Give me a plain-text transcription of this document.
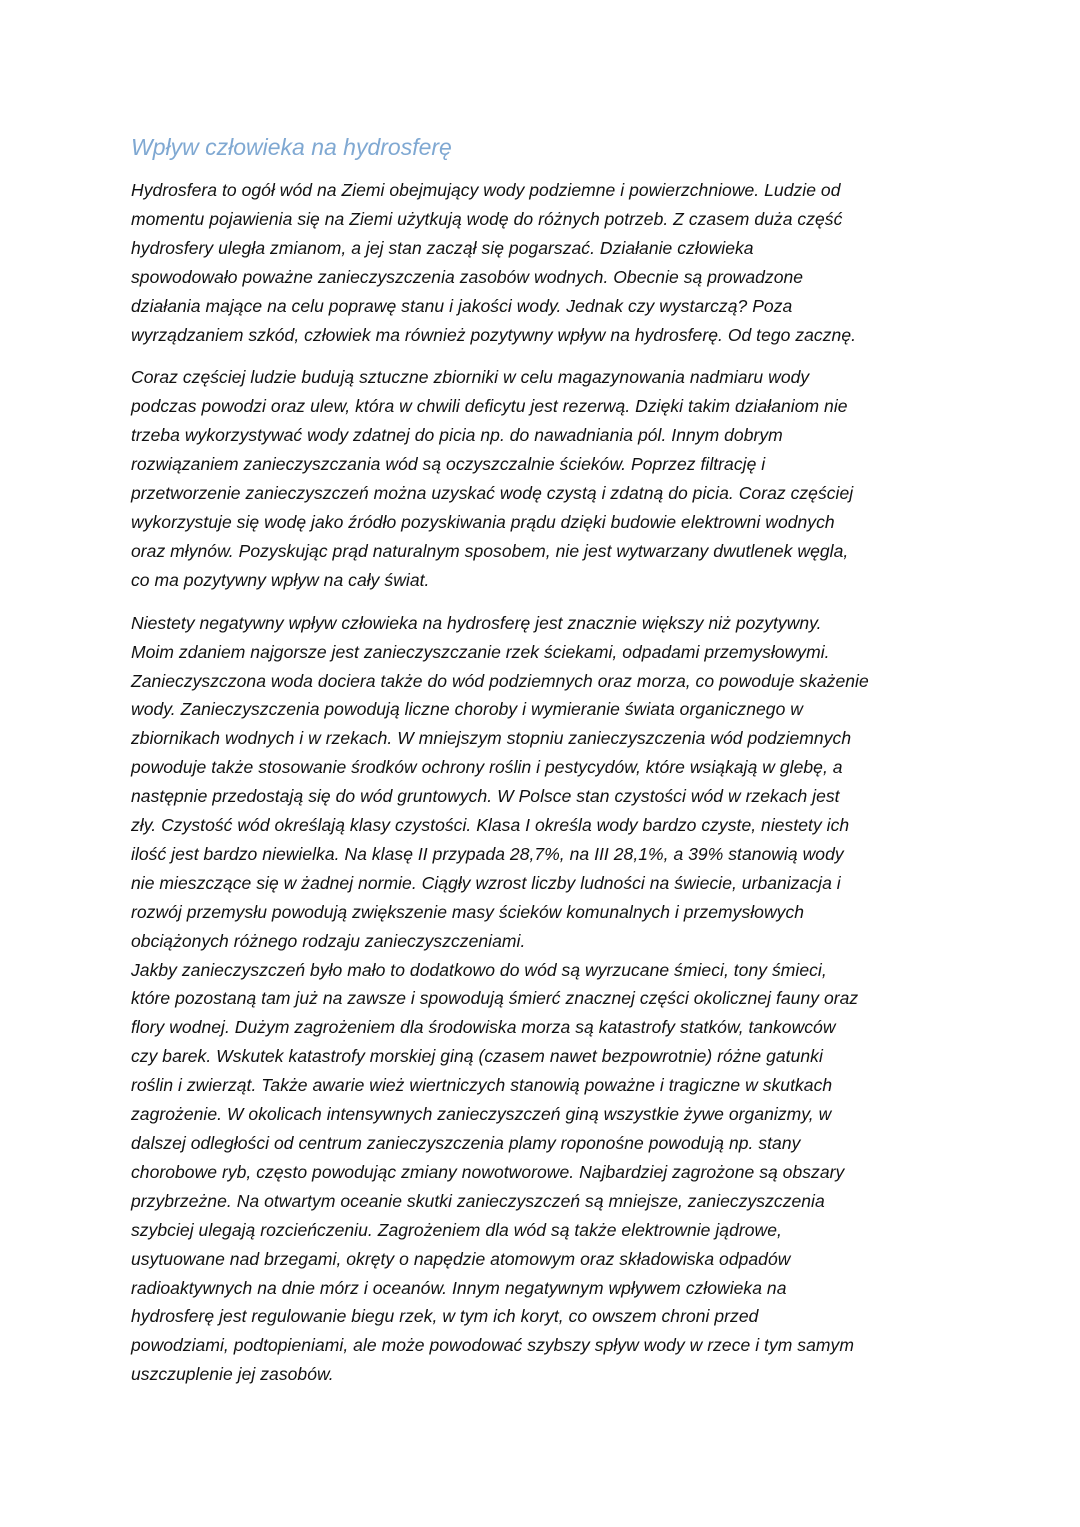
Wpływ człowieka na hydrosferę

Hydrosfera to ogół wód na Ziemi obejmujący wody podziemne i powierzchniowe. Ludzie od
momentu pojawienia się na Ziemi użytkują wodę do różnych potrzeb. Z czasem duża część
hydrosfery uległa zmianom, a jej stan zaczął się pogarszać. Działanie człowieka
spowodowało poważne zanieczyszczenia zasobów wodnych. Obecnie są prowadzone
działania mające na celu poprawę stanu i jakości wody. Jednak czy wystarczą? Poza
wyrządzaniem szkód, człowiek ma również pozytywny wpływ na hydrosferę. Od tego zacznę.

Coraz częściej ludzie budują sztuczne zbiorniki w celu magazynowania nadmiaru wody
podczas powodzi oraz ulew, która w chwili deficytu jest rezerwą. Dzięki takim działaniom nie
trzeba wykorzystywać wody zdatnej do picia np. do nawadniania pól. Innym dobrym
rozwiązaniem zanieczyszczania wód są oczyszczalnie ścieków. Poprzez filtrację i
przetworzenie zanieczyszczeń można uzyskać wodę czystą i zdatną do picia. Coraz częściej
wykorzystuje się wodę jako źródło pozyskiwania prądu dzięki budowie elektrowni wodnych
oraz młynów. Pozyskując prąd naturalnym sposobem, nie jest wytwarzany dwutlenek węgla,
co ma pozytywny wpływ na cały świat.

Niestety negatywny wpływ człowieka na hydrosferę jest znacznie większy niż pozytywny.
Moim zdaniem najgorsze jest zanieczyszczanie rzek ściekami, odpadami przemysłowymi.
Zanieczyszczona woda dociera także do wód podziemnych oraz morza, co powoduje skażenie
wody. Zanieczyszczenia powodują liczne choroby i wymieranie świata organicznego w
zbiornikach wodnych i w rzekach. W mniejszym stopniu zanieczyszczenia wód podziemnych
powoduje także stosowanie środków ochrony roślin i pestycydów, które wsiąkają w glebę, a
następnie przedostają się do wód gruntowych. W Polsce stan czystości wód w rzekach jest
zły. Czystość wód określają klasy czystości. Klasa I określa wody bardzo czyste, niestety ich
ilość jest bardzo niewielka. Na klasę II przypada 28,7%, na III 28,1%, a 39% stanowią wody
nie mieszczące się w żadnej normie. Ciągły wzrost liczby ludności na świecie, urbanizacja i
rozwój przemysłu powodują zwiększenie masy ścieków komunalnych i przemysłowych
obciążonych różnego rodzaju zanieczyszczeniami.

Jakby zanieczyszczeń było mało to dodatkowo do wód są wyrzucane śmieci, tony śmieci,
które pozostaną tam już na zawsze i spowodują śmierć znacznej części okolicznej fauny oraz
flory wodnej. Dużym zagrożeniem dla środowiska morza są katastrofy statków, tankowców
czy barek. Wskutek katastrofy morskiej giną (czasem nawet bezpowrotnie) różne gatunki
roślin i zwierząt. Także awarie wież wiertniczych stanowią poważne i tragiczne w skutkach
zagrożenie. W okolicach intensywnych zanieczyszczeń giną wszystkie żywe organizmy, w
dalszej odległości od centrum zanieczyszczenia plamy roponośne powodują np. stany
chorobowe ryb, często powodując zmiany nowotworowe. Najbardziej zagrożone są obszary
przybrzeżne. Na otwartym oceanie skutki zanieczyszczeń są mniejsze, zanieczyszczenia
szybciej ulegają rozcieńczeniu. Zagrożeniem dla wód są także elektrownie jądrowe,
usytuowane nad brzegami, okręty o napędzie atomowym oraz składowiska odpadów
radioaktywnych na dnie mórz i oceanów. Innym negatywnym wpływem człowieka na
hydrosferę jest regulowanie biegu rzek, w tym ich koryt, co owszem chroni przed
powodziami, podtopieniami, ale może powodować szybszy spływ wody w rzece i tym samym
uszczuplenie jej zasobów.
